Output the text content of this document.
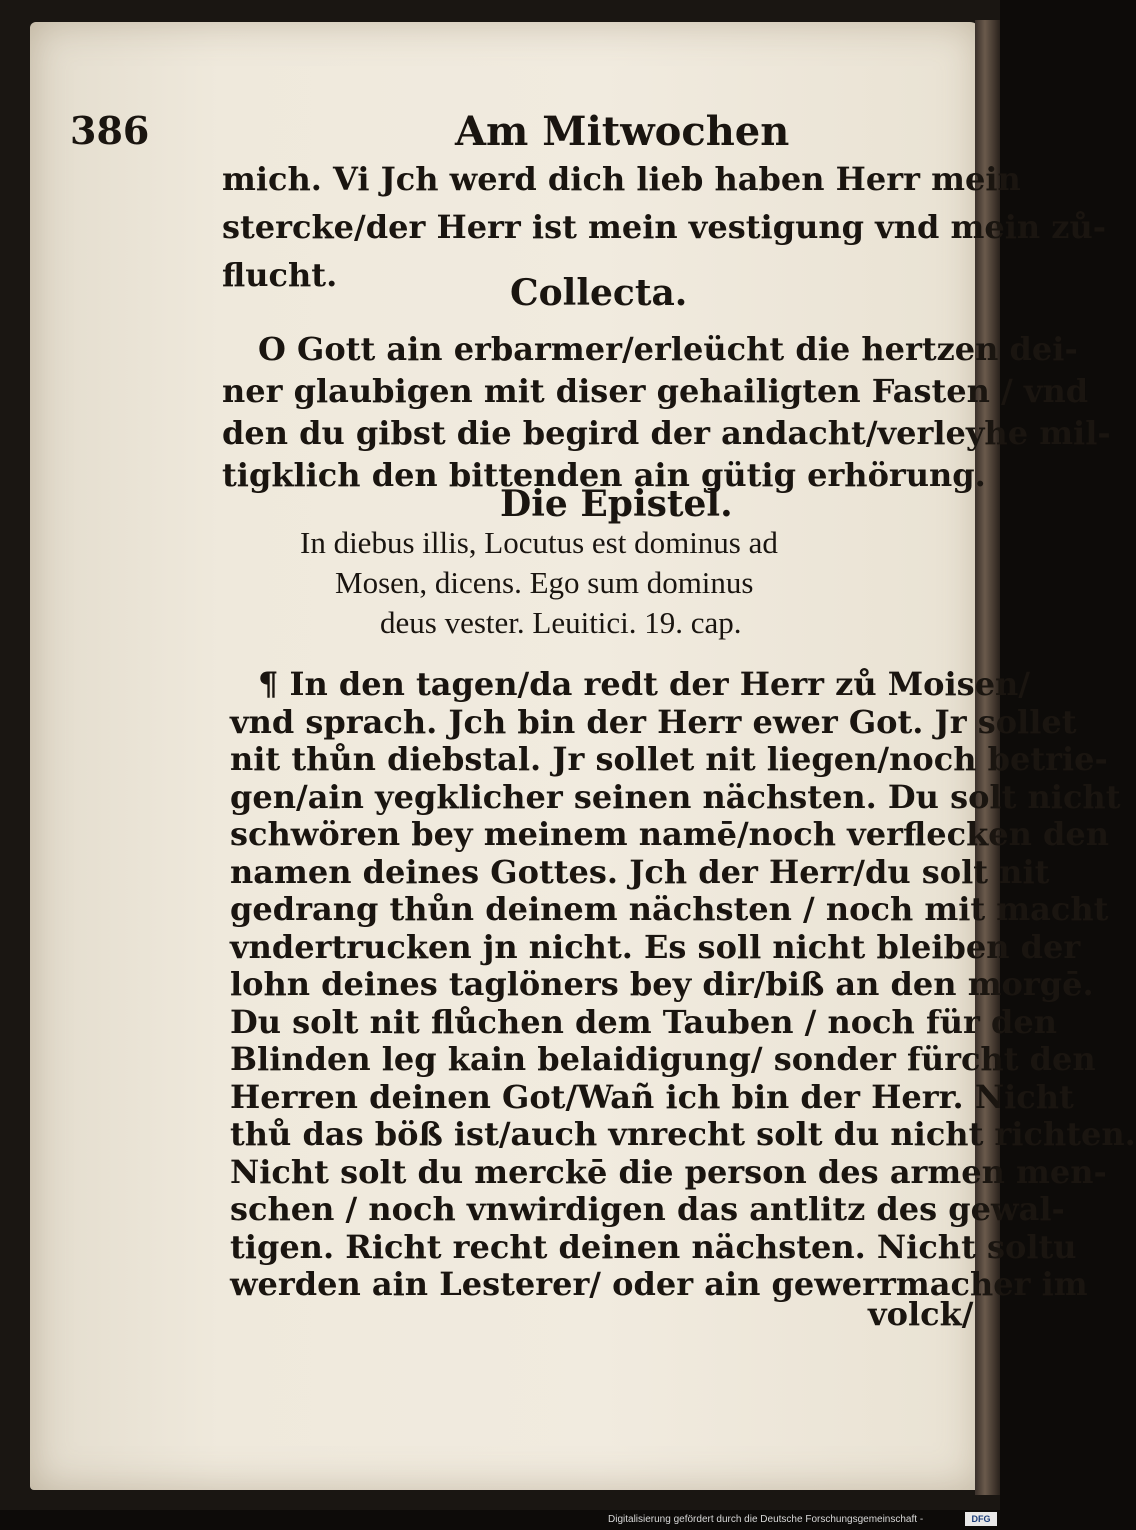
386	Am Mitwochen
mich. Vi Jch werd dich lieb haben Herr mein
stercke/der Herr ist mein vestigung vnd mein zů-
flucht.	Collecta.
O Gott ain erbarmer/erleücht die hertzen dei-
ner glaubigen mit diser gehailigten Fasten / vnd
den du gibst die begird der andacht/verleyhe mil-
tigklich den bittenden ain gütig erhörung.
Die Epistel.
In diebus illis, Locutus est dominus ad
Mosen, dicens. Ego sum dominus
deus vester. Leuitici. 19. cap.
¶ In den tagen/da redt der Herr zů Moisen/
vnd sprach. Jch bin der Herr ewer Got. Jr sollet
nit thůn diebstal. Jr sollet nit liegen/noch betrie-
gen/ain yegklicher seinen nächsten. Du solt nicht
schwören bey meinem namē/noch verflecken den
namen deines Gottes. Jch der Herr/du solt nit
gedrang thůn deinem nächsten / noch mit macht
vndertrucken jn nicht. Es soll nicht bleiben der
lohn deines taglöners bey dir/biß an den morgē.
Du solt nit flůchen dem Tauben / noch für den
Blinden leg kain belaidigung/ sonder fürcht den
Herren deinen Got/Wañ ich bin der Herr. Nicht
thů das böß ist/auch vnrecht solt du nicht richten.
Nicht solt du merckē die person des armen men-
schen / noch vnwirdigen das antlitz des gewal-
tigen. Richt recht deinen nächsten. Nicht soltu
werden ain Lesterer/ oder ain gewerrmacher im
volck/
Digitalisierung gefördert durch die Deutsche Forschungsgemeinschaft -	DFG
